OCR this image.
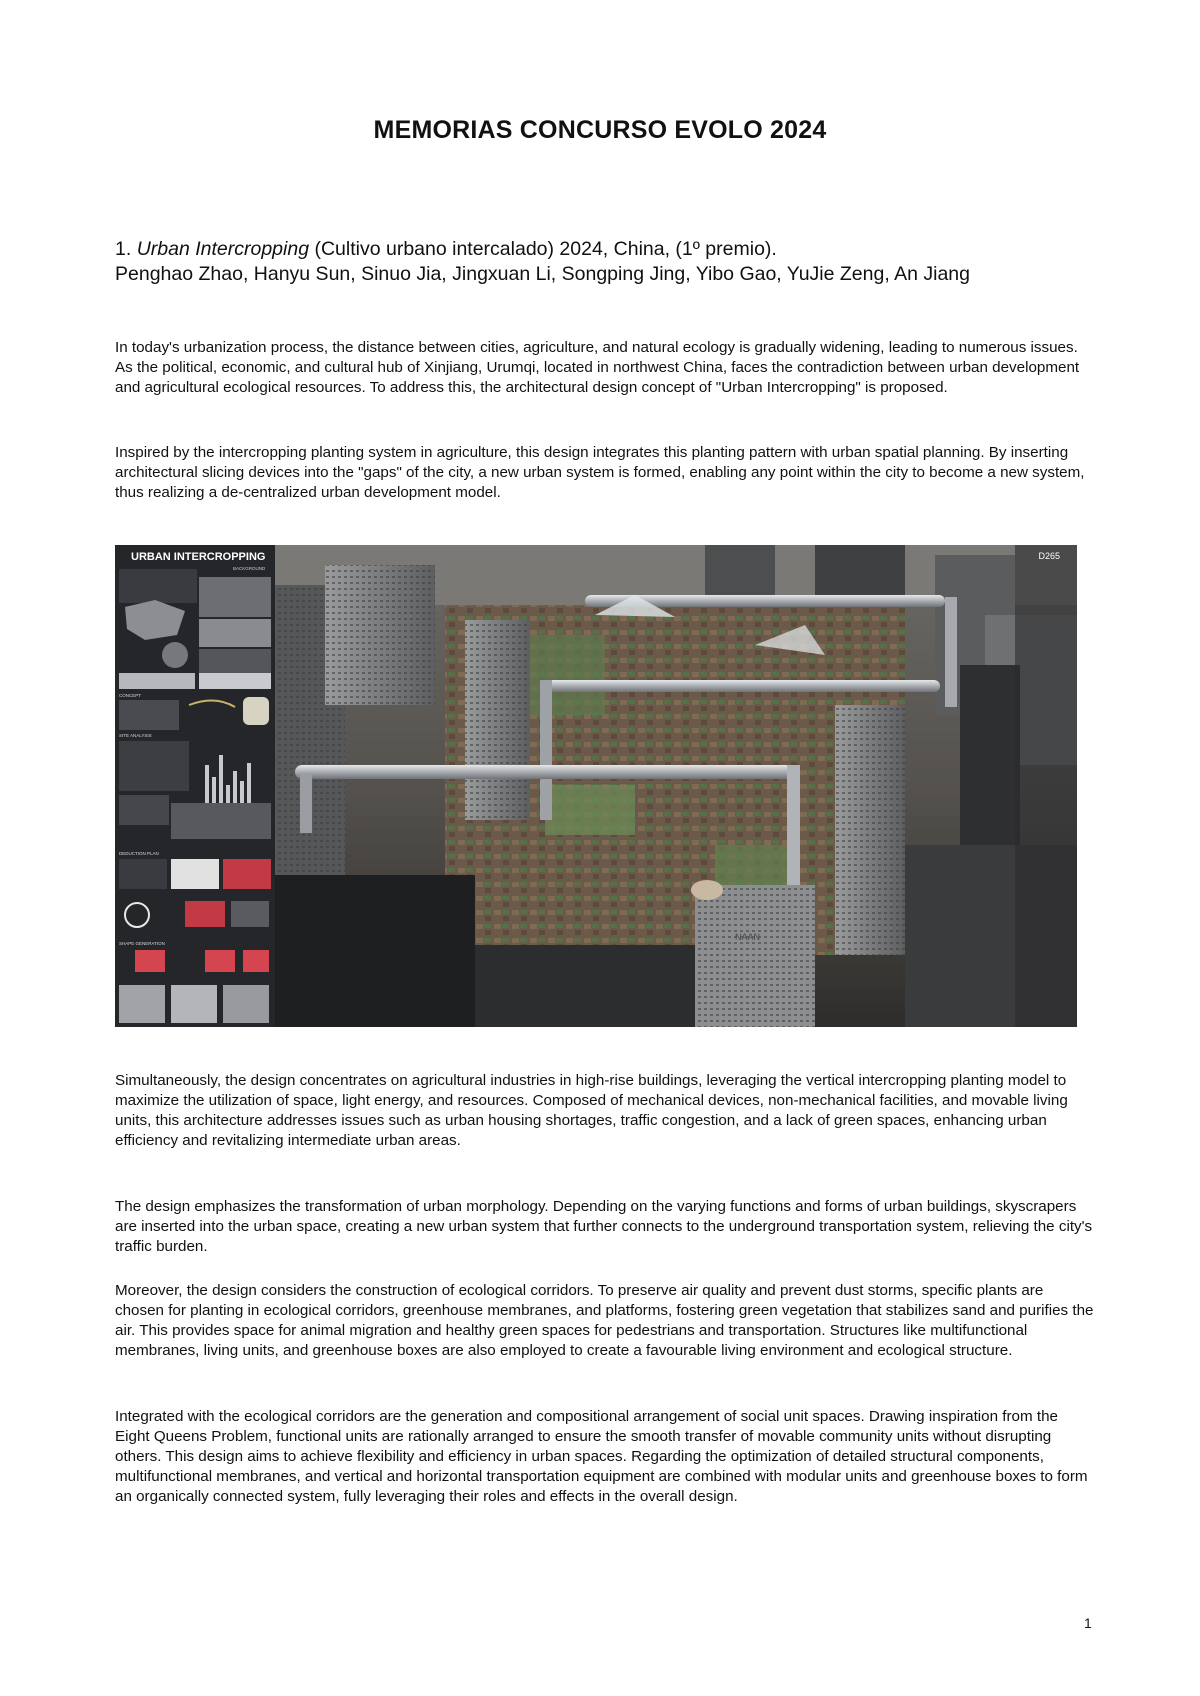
MEMORIAS CONCURSO EVOLO 2024
1. Urban Intercropping (Cultivo urbano intercalado) 2024, China, (1º premio).
Penghao Zhao, Hanyu Sun, Sinuo Jia, Jingxuan Li, Songping Jing, Yibo Gao, YuJie Zeng, An Jiang

In today's urbanization process, the distance between cities, agriculture, and natural ecology is gradually widening, leading to numerous issues. As the political, economic, and cultural hub of Xinjiang, Urumqi, located in northwest China, faces the contradiction between urban development and agricultural ecological resources. To address this, the architectural design concept of "Urban Intercropping" is proposed.

Inspired by the intercropping planting system in agriculture, this design integrates this planting pattern with urban spatial planning. By inserting architectural slicing devices into the "gaps" of the city, a new urban system is formed, enabling any point within the city to become a new system, thus realizing a de-centralized urban development model.

URBAN INTERCROPPING
BACKGROUND
CONCEPT
SITE ANALYSIS
DEDUCTION PLAN
SHAPE GENERATION
NAAN
D265

Simultaneously, the design concentrates on agricultural industries in high-rise buildings, leveraging the vertical intercropping planting model to maximize the utilization of space, light energy, and resources. Composed of mechanical devices, non-mechanical facilities, and movable living units, this architecture addresses issues such as urban housing shortages, traffic congestion, and a lack of green spaces, enhancing urban efficiency and revitalizing intermediate urban areas.

The design emphasizes the transformation of urban morphology. Depending on the varying functions and forms of urban buildings, skyscrapers are inserted into the urban space, creating a new urban system that further connects to the underground transportation system, relieving the city's traffic burden.

Moreover, the design considers the construction of ecological corridors. To preserve air quality and prevent dust storms, specific plants are chosen for planting in ecological corridors, greenhouse membranes, and platforms, fostering green vegetation that stabilizes sand and purifies the air. This provides space for animal migration and healthy green spaces for pedestrians and transportation. Structures like multifunctional membranes, living units, and greenhouse boxes are also employed to create a favourable living environment and ecological structure.

Integrated with the ecological corridors are the generation and compositional arrangement of social unit spaces. Drawing inspiration from the Eight Queens Problem, functional units are rationally arranged to ensure the smooth transfer of movable community units without disrupting others. This design aims to achieve flexibility and efficiency in urban spaces. Regarding the optimization of detailed structural components, multifunctional membranes, and vertical and horizontal transportation equipment are combined with modular units and greenhouse boxes to form an organically connected system, fully leveraging their roles and effects in the overall design.

1
